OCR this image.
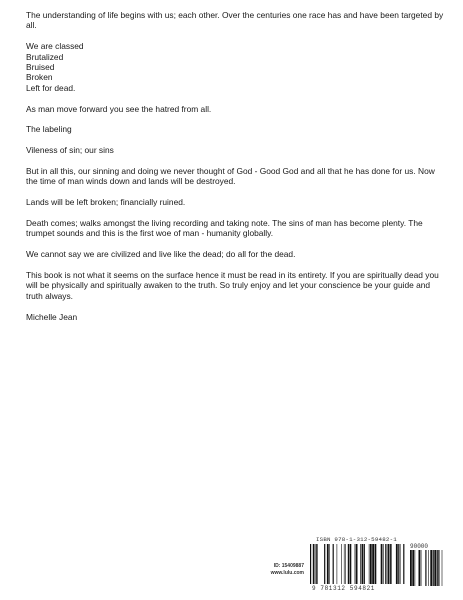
The understanding of life begins with us; each other. Over the centuries one race has and have been targeted by all.

We are classed
Brutalized
Bruised
Broken
Left for dead.

As man move forward you see the hatred from all.

The labeling

Vileness of sin; our sins

But in all this, our sinning and doing we never thought of God - Good God and all that he has done for us. Now the time of man winds down and lands will be destroyed.

Lands will be left broken; financially ruined.

Death comes; walks amongst the living recording and taking note. The sins of man has become plenty. The trumpet sounds and this is the first woe of man - humanity globally.

We cannot say we are civilized and live like the dead; do all for the dead.

This book is not what it seems on the surface hence it must be read in its entirety. If you are spiritually dead you will be physically and spiritually awaken to the truth. So truly enjoy and let your conscience be your guide and truth always.

Michelle Jean

ISBN 978-1-312-59482-1
90000
ID: 15409887
www.lulu.com
9 781312 594821
